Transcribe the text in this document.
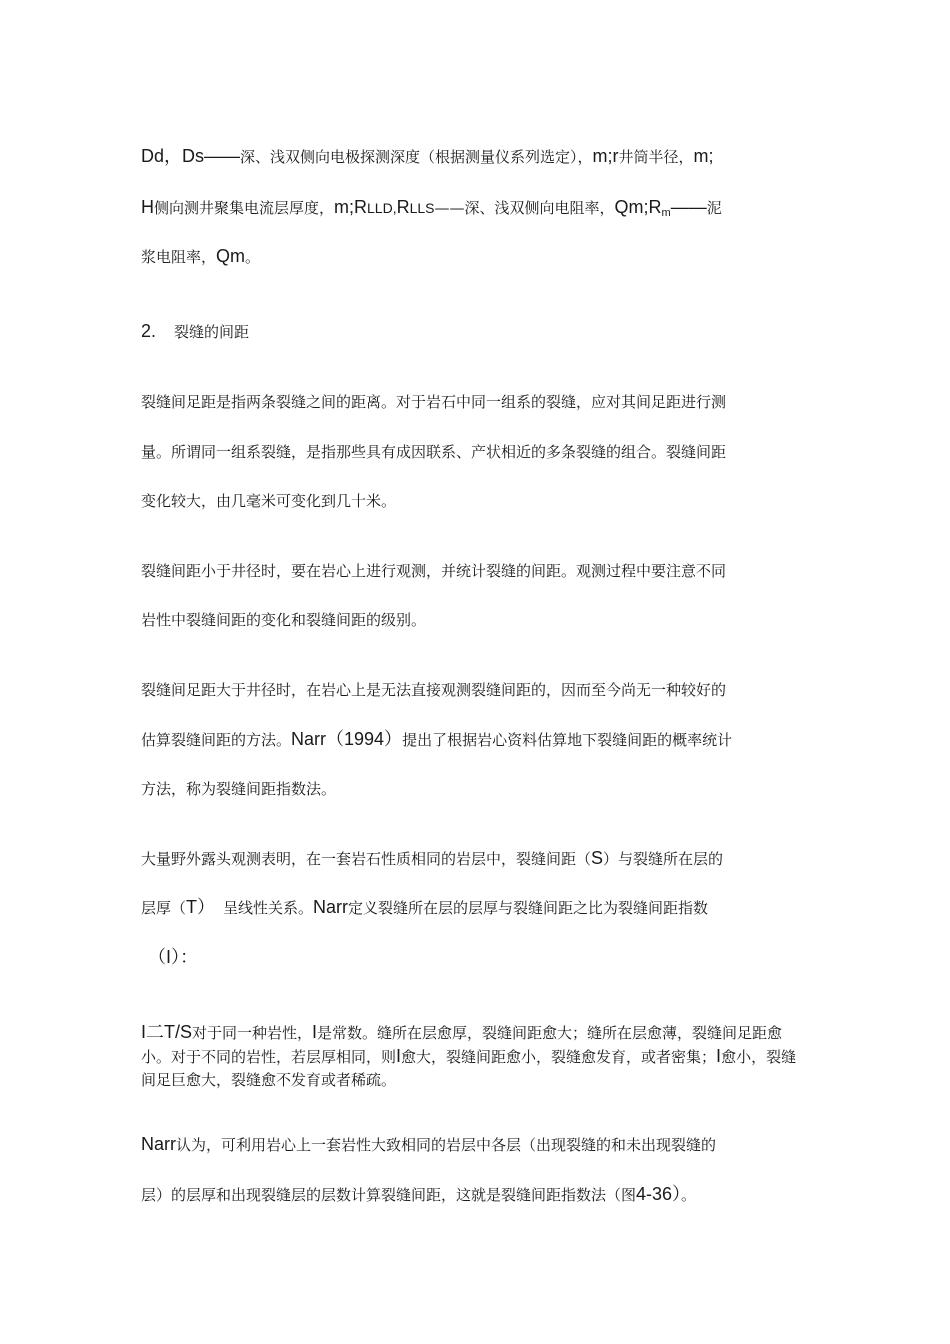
Dd，Ds——深、浅双侧向电极探测深度（根据测量仪系列选定），m;r井筒半径，m;
H侧向测井聚集电流层厚度，m;RLLD,RLLS——深、浅双侧向电阻率，$Qm;R_m——$泥
浆电阻率，Qm。
2. 裂缝的间距
裂缝间足距是指两条裂缝之间的距离。对于岩石中同一组系的裂缝，应对其间足距进行测
量。所谓同一组系裂缝，是指那些具有成因联系、产状相近的多条裂缝的组合。裂缝间距
变化较大，由几毫米可变化到几十米。
裂缝间距小于井径时，要在岩心上进行观测，并统计裂缝的间距。观测过程中要注意不同
岩性中裂缝间距的变化和裂缝间距的级别。
裂缝间足距大于井径时，在岩心上是无法直接观测裂缝间距的，因而至今尚无一种较好的
估算裂缝间距的方法。Narr（1994）提出了根据岩心资料估算地下裂缝间距的概率统计
方法，称为裂缝间距指数法。
大量野外露头观测表明，在一套岩石性质相同的岩层中，裂缝间距（S）与裂缝所在层的
层厚（T） 呈线性关系。Narr定义裂缝所在层的层厚与裂缝间距之比为裂缝间距指数
（I）：
I二T/S对于同一种岩性，I是常数。缝所在层愈厚，裂缝间距愈大；缝所在层愈薄，裂缝间足距愈小。对于不同的岩性，若层厚相同，则I愈大，裂缝间距愈小，裂缝愈发育，或者密集；I愈小，裂缝间足巨愈大，裂缝愈不发育或者稀疏。
Narr认为，可利用岩心上一套岩性大致相同的岩层中各层（出现裂缝的和未出现裂缝的
层）的层厚和出现裂缝层的层数计算裂缝间距，这就是裂缝间距指数法（图4-36）。
